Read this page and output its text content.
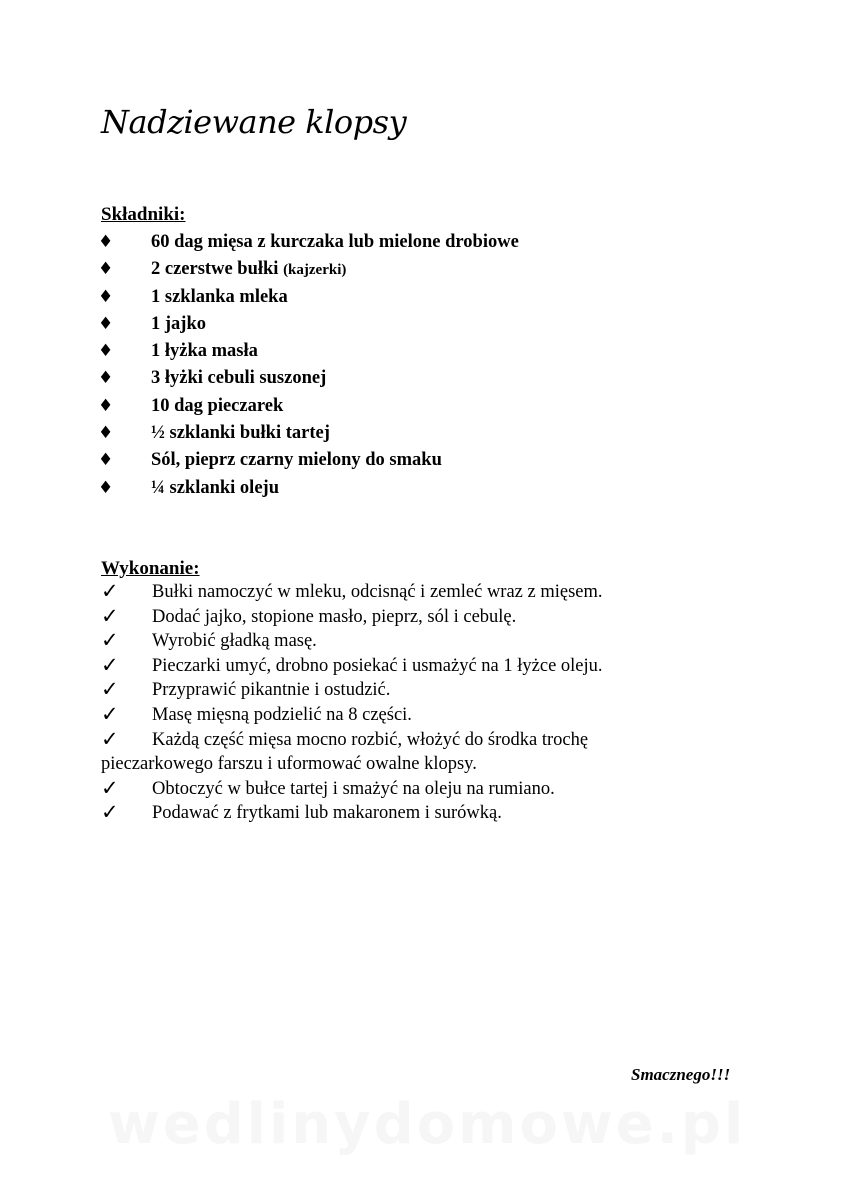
Nadziewane klopsy
Składniki:
♦ 60 dag mięsa z kurczaka lub mielone drobiowe
♦ 2 czerstwe bułki (kajzerki)
♦ 1 szklanka mleka
♦ 1 jajko
♦ 1 łyżka masła
♦ 3 łyżki cebuli suszonej
♦ 10 dag pieczarek
♦ ½ szklanki bułki tartej
♦ Sól, pieprz czarny mielony do smaku
♦ ¼ szklanki oleju
Wykonanie:
✓	Bułki namoczyć w mleku, odcisnąć i zemleć wraz z mięsem.
✓	Dodać jajko, stopione masło, pieprz, sól i cebulę.
✓	Wyrobić gładką masę.
✓	Pieczarki umyć, drobno posiekać i usmażyć na 1 łyżce oleju.
✓	Przyprawić pikantnie i ostudzić.
✓	Masę mięsną podzielić na 8 części.
✓	Każdą część mięsa mocno rozbić, włożyć do środka trochę pieczarkowego farszu i uformować owalne klopsy.
✓	Obtoczyć w bułce tartej i smażyć na oleju na rumiano.
✓	Podawać z frytkami lub makaronem i surówką.
Smacznego!!!
wedlinydomowe.pl
